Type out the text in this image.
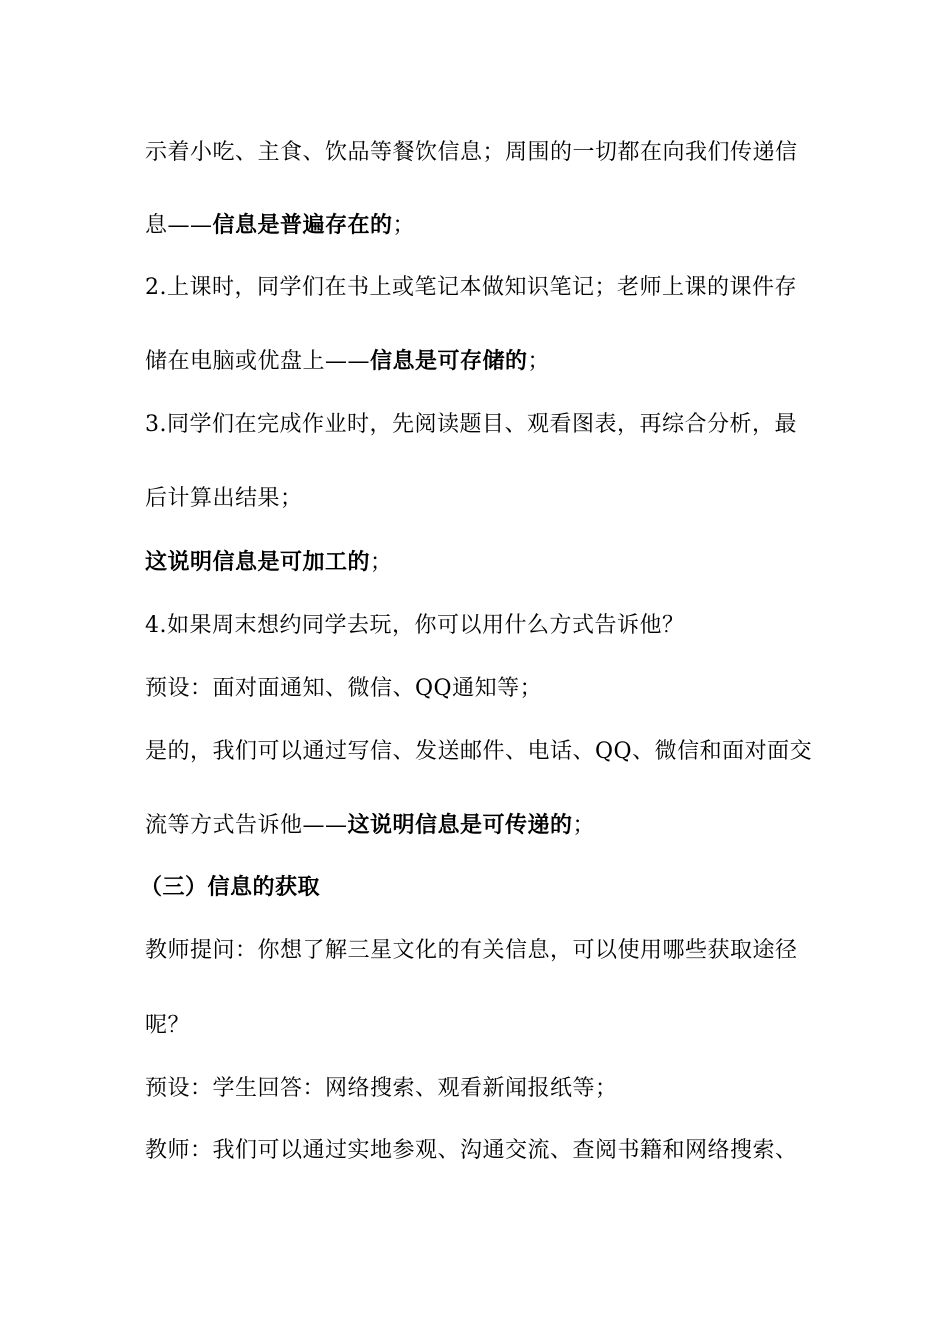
示着小吃、主食、饮品等餐饮信息；周围的一切都在向我们传递信
息——信息是普遍存在的；
2.上课时，同学们在书上或笔记本做知识笔记；老师上课的课件存
储在电脑或优盘上——信息是可存储的；
3.同学们在完成作业时，先阅读题目、观看图表，再综合分析，最
后计算出结果；
这说明信息是可加工的；
4.如果周末想约同学去玩，你可以用什么方式告诉他？
预设：面对面通知、微信、QQ通知等；
是的，我们可以通过写信、发送邮件、电话、QQ、微信和面对面交
流等方式告诉他——这说明信息是可传递的；
（三）信息的获取
教师提问：你想了解三星文化的有关信息，可以使用哪些获取途径
呢？
预设：学生回答：网络搜索、观看新闻报纸等；
教师：我们可以通过实地参观、沟通交流、查阅书籍和网络搜索、
